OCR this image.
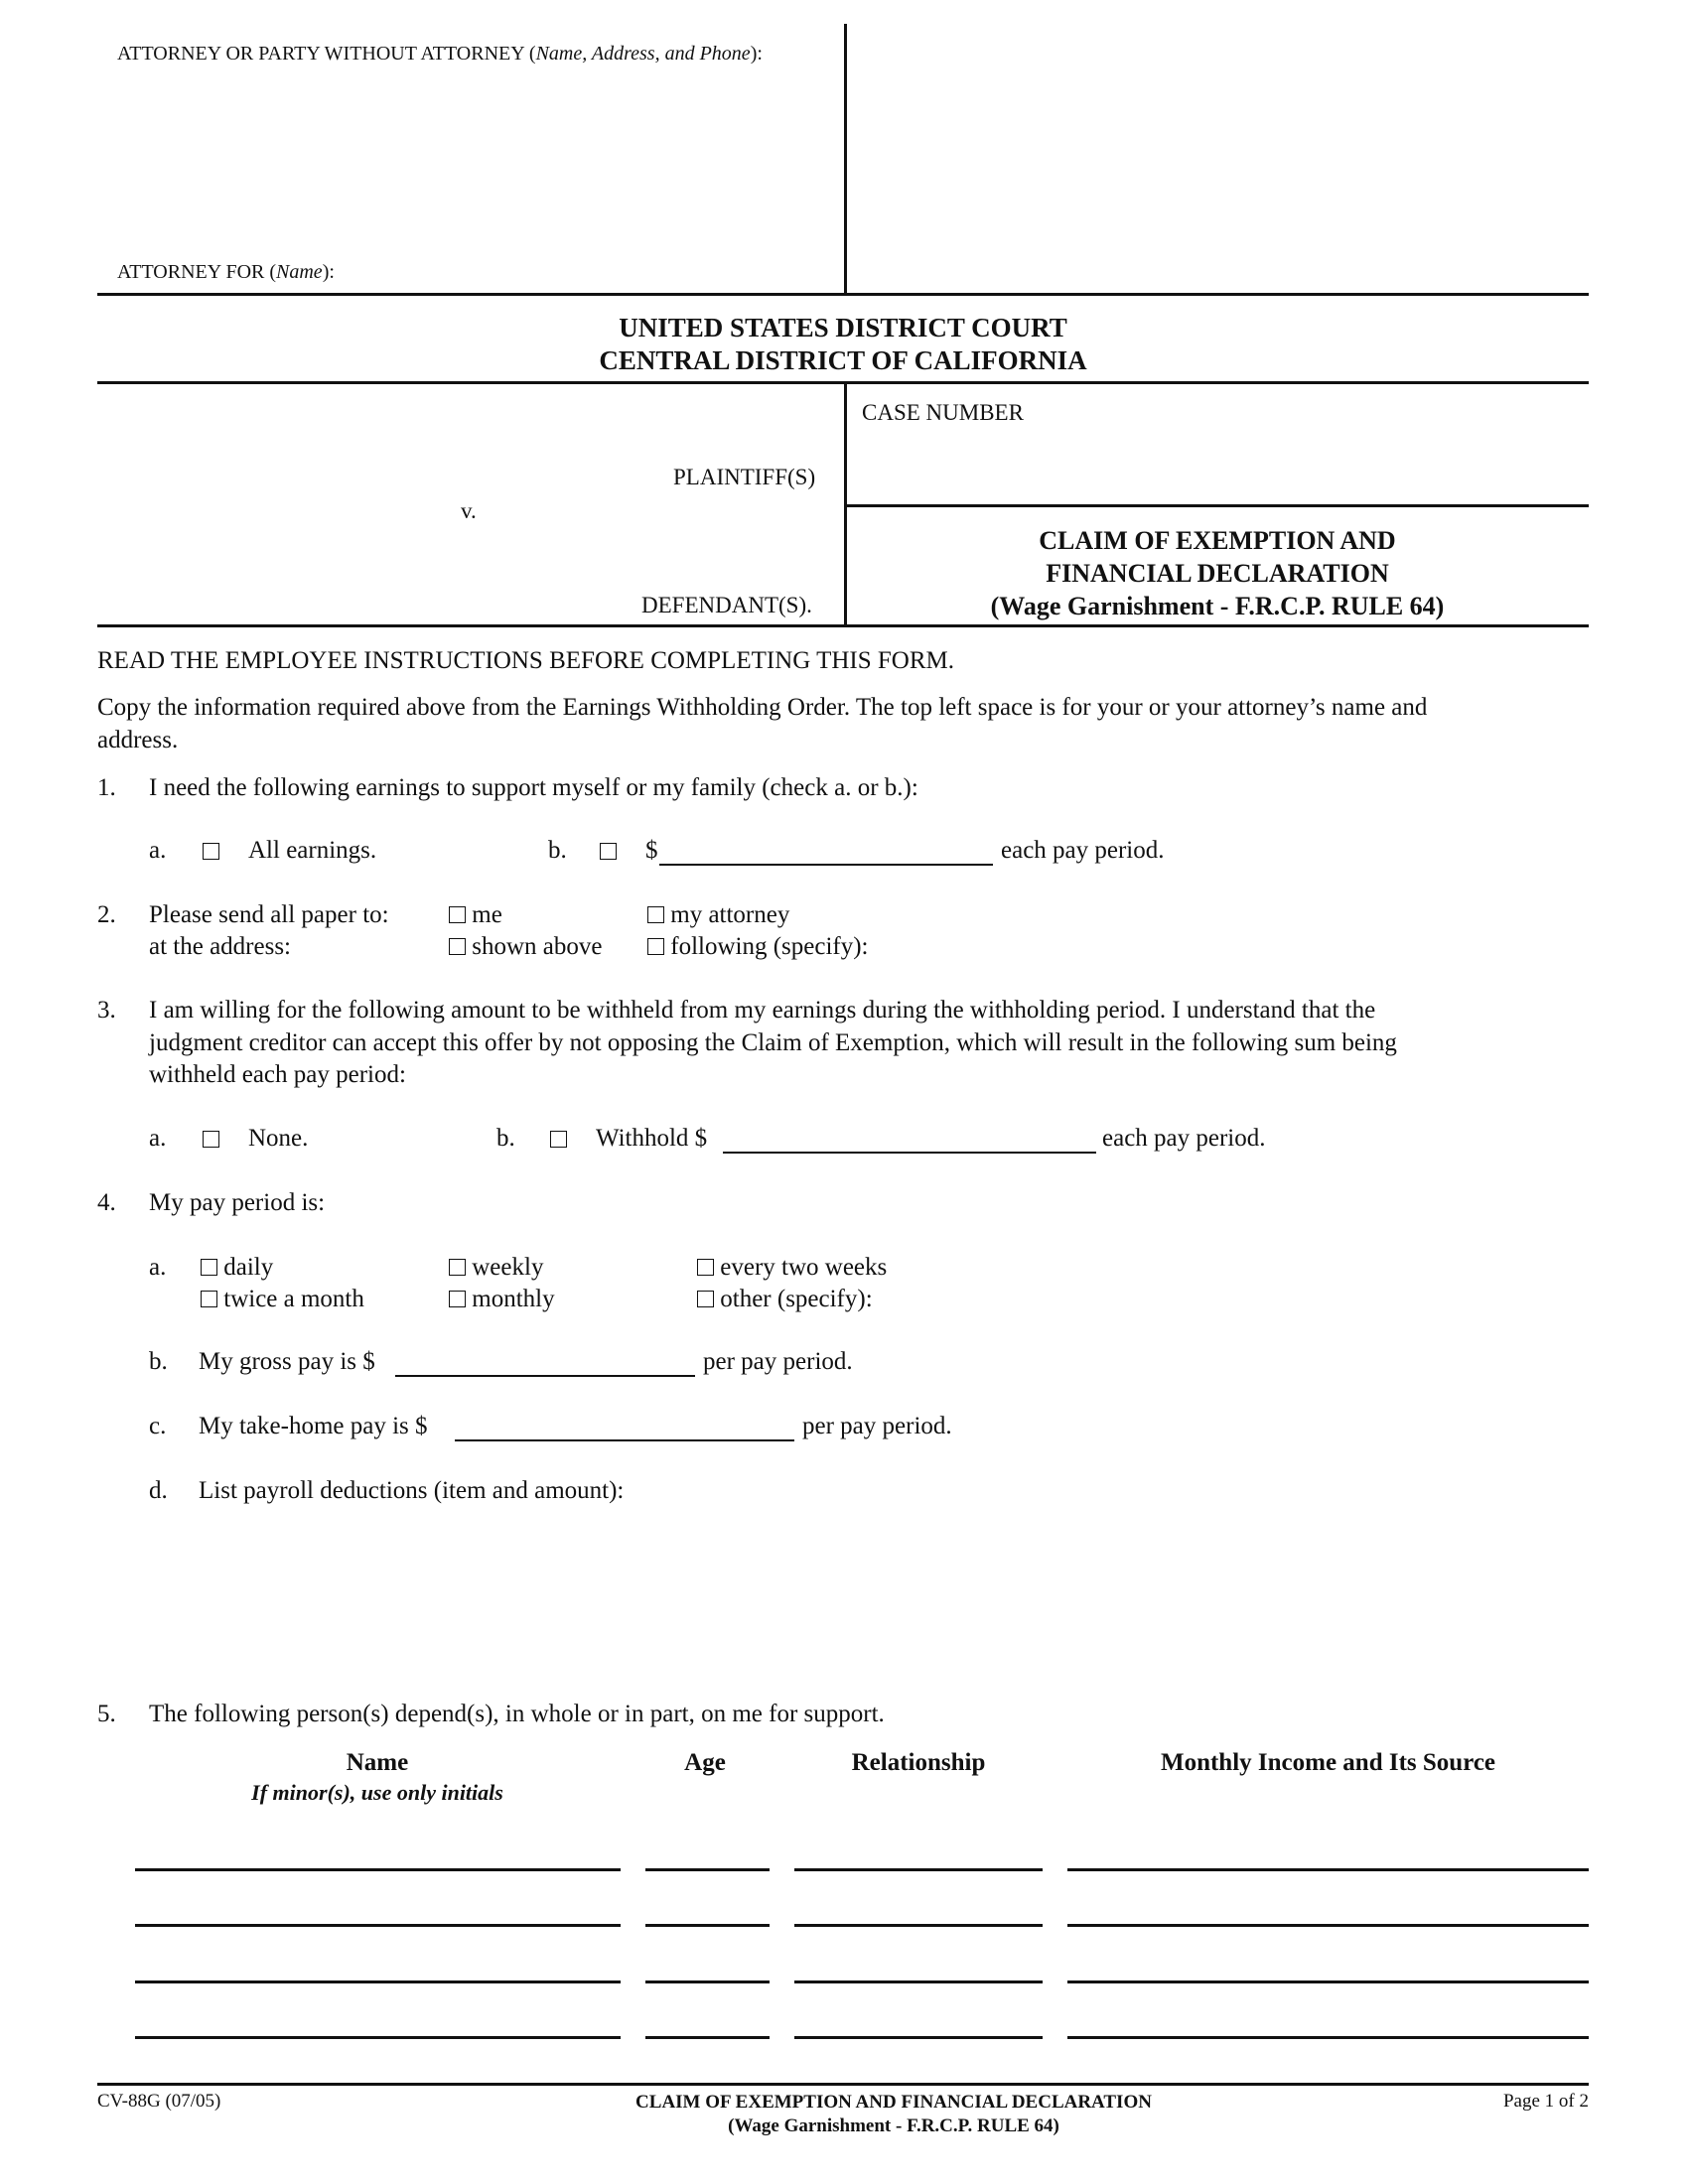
ATTORNEY OR PARTY WITHOUT ATTORNEY (Name, Address, and Phone):
ATTORNEY FOR (Name):
UNITED STATES DISTRICT COURT
CENTRAL DISTRICT OF CALIFORNIA
CASE NUMBER
PLAINTIFF(S)
v.
DEFENDANT(S).
CLAIM OF EXEMPTION AND
FINANCIAL DECLARATION
(Wage Garnishment - F.R.C.P. RULE 64)
READ THE EMPLOYEE INSTRUCTIONS BEFORE COMPLETING THIS FORM.
Copy the information required above from the Earnings Withholding Order. The top left space is for your or your attorney’s name and
address.
1. I need the following earnings to support myself or my family (check a. or b.):
a.	All earnings.	b.	$	each pay period.
2. Please send all paper to:
at the address:
me
shown above
my attorney
following (specify):
3. I am willing for the following amount to be withheld from my earnings during the withholding period. I understand that the
judgment creditor can accept this offer by not opposing the Claim of Exemption, which will result in the following sum being
withheld each pay period:
a.	None.	b.	Withhold $	each pay period.
4. My pay period is:
a.	daily
twice a month
weekly
monthly
every two weeks
other (specify):
b. My gross pay is $	per pay period.
c. My take-home pay is $	per pay period.
d. List payroll deductions (item and amount):
5. The following person(s) depend(s), in whole or in part, on me for support.
Name
If minor(s), use only initials
Age	Relationship	Monthly Income and Its Source
CV-88G (07/05)	CLAIM OF EXEMPTION AND FINANCIAL DECLARATION
(Wage Garnishment - F.R.C.P. RULE 64)
Page 1 of 2
